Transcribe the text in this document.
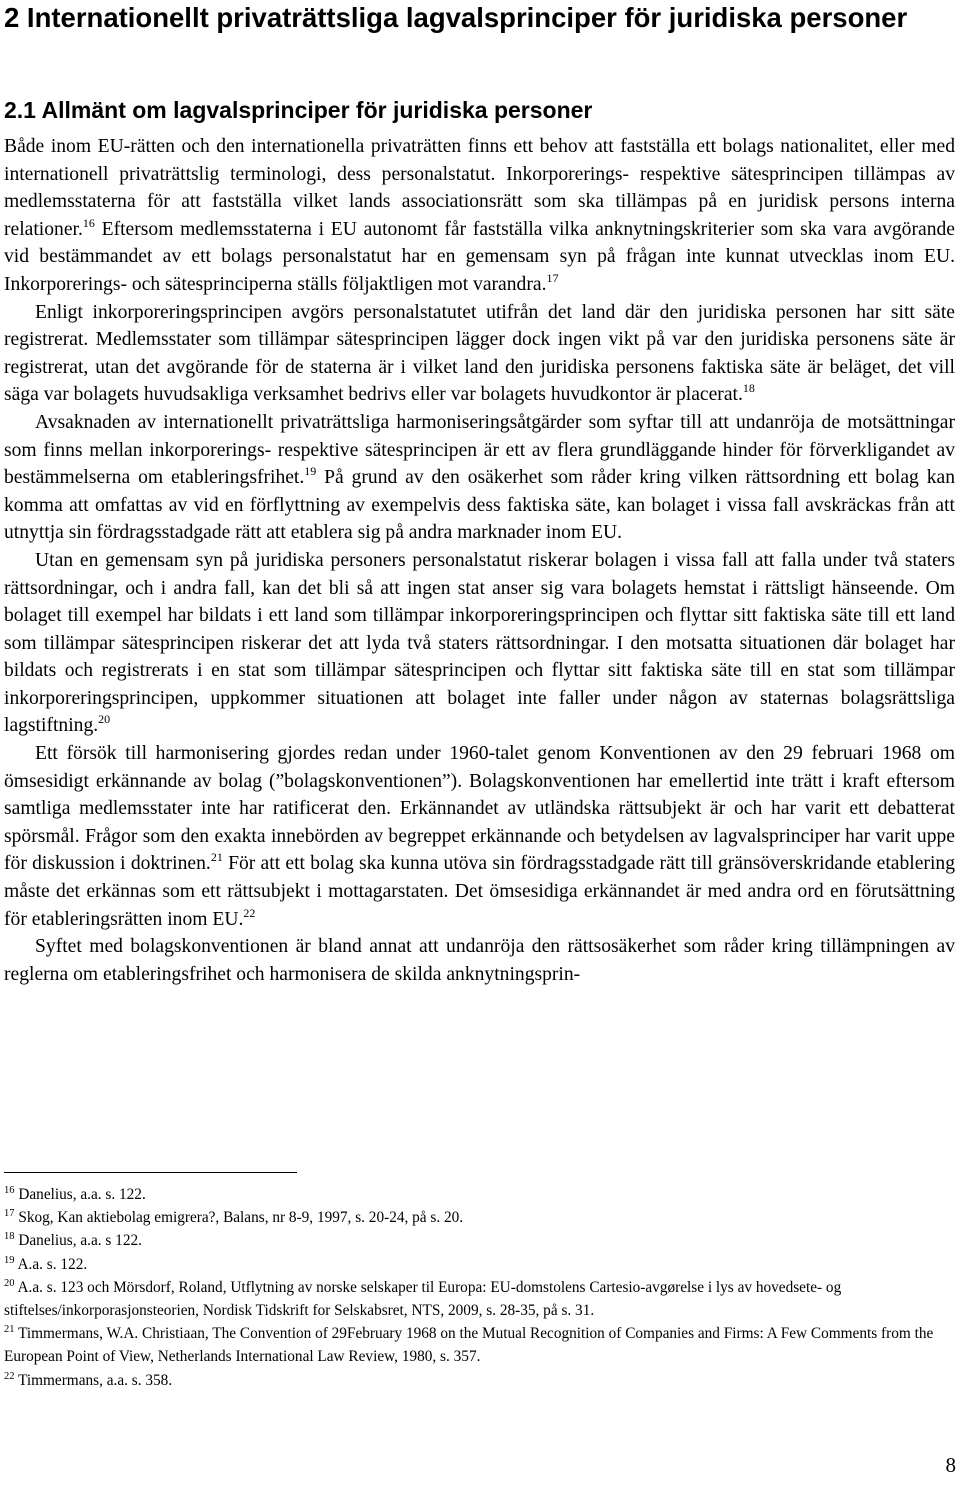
2 Internationellt privaträttsliga lagvalsprinciper för juridiska personer
2.1 Allmänt om lagvalsprinciper för juridiska personer

Både inom EU-rätten och den internationella privaträtten finns ett behov att fastställa ett bolags nationalitet, eller med internationell privaträttslig terminologi, dess personalstatut. Inkorporerings- respektive sätesprincipen tillämpas av medlemsstaterna för att fastställa vilket lands associationsrätt som ska tillämpas på en juridisk persons interna relationer.$^{16}$ Eftersom medlemsstaterna i EU autonomt får fastställa vilka anknytningskriterier som ska vara avgörande vid bestämmandet av ett bolags personalstatut har en gemensam syn på frågan inte kunnat utvecklas inom EU. Inkorporerings- och sätesprinciperna ställs följaktligen mot varandra.$^{17}$

Enligt inkorporeringsprincipen avgörs personalstatutet utifrån det land där den juridiska personen har sitt säte registrerat. Medlemsstater som tillämpar sätesprincipen lägger dock ingen vikt på var den juridiska personens säte är registrerat, utan det avgörande för de staterna är i vilket land den juridiska personens faktiska säte är beläget, det vill säga var bolagets huvudsakliga verksamhet bedrivs eller var bolagets huvudkontor är placerat.$^{18}$

Avsaknaden av internationellt privaträttsliga harmoniseringsåtgärder som syftar till att undanröja de motsättningar som finns mellan inkorporerings- respektive sätesprincipen är ett av flera grundläggande hinder för förverkligandet av bestämmelserna om etableringsfrihet.$^{19}$ På grund av den osäkerhet som råder kring vilken rättsordning ett bolag kan komma att omfattas av vid en förflyttning av exempelvis dess faktiska säte, kan bolaget i vissa fall avskräckas från att utnyttja sin fördragsstadgade rätt att etablera sig på andra marknader inom EU.

Utan en gemensam syn på juridiska personers personalstatut riskerar bolagen i vissa fall att falla under två staters rättsordningar, och i andra fall, kan det bli så att ingen stat anser sig vara bolagets hemstat i rättsligt hänseende. Om bolaget till exempel har bildats i ett land som tillämpar inkorporeringsprincipen och flyttar sitt faktiska säte till ett land som tillämpar sätesprincipen riskerar det att lyda två staters rättsordningar. I den motsatta situationen där bolaget har bildats och registrerats i en stat som tillämpar sätesprincipen och flyttar sitt faktiska säte till en stat som tillämpar inkorporeringsprincipen, uppkommer situationen att bolaget inte faller under någon av staternas bolagsrättsliga lagstiftning.$^{20}$

Ett försök till harmonisering gjordes redan under 1960-talet genom Konventionen av den 29 februari 1968 om ömsesidigt erkännande av bolag (”bolagskonventionen”). Bolagskonventionen har emellertid inte trätt i kraft eftersom samtliga medlemsstater inte har ratificerat den. Erkännandet av utländska rättsubjekt är och har varit ett debatterat spörsmål. Frågor som den exakta innebörden av begreppet erkännande och betydelsen av lagvalsprinciper har varit uppe för diskussion i doktrinen.$^{21}$ För att ett bolag ska kunna utöva sin fördragsstadgade rätt till gränsöverskridande etablering måste det erkännas som ett rättsubjekt i mottagarstaten. Det ömsesidiga erkännandet är med andra ord en förutsättning för etableringsrätten inom EU.$^{22}$

Syftet med bolagskonventionen är bland annat att undanröja den rättsosäkerhet som råder kring tillämpningen av reglerna om etableringsfrihet och harmonisera de skilda anknytningsprin-

$^{16}$ Danelius, a.a. s. 122.

$^{17}$ Skog, Kan aktiebolag emigrera?, Balans, nr 8-9, 1997, s. 20-24, på s. 20.

$^{18}$ Danelius, a.a. s 122.

$^{19}$ A.a. s. 122.

$^{20}$ A.a. s. 123 och Mörsdorf, Roland, Utflytning av norske selskaper til Europa: EU-domstolens Cartesio-avgørelse i lys av hovedsete- og stiftelses/inkorporasjonsteorien, Nordisk Tidskrift for Selskabsret, NTS, 2009, s. 28-35, på s. 31.

$^{21}$ Timmermans, W.A. Christiaan, The Convention of 29February 1968 on the Mutual Recognition of Companies and Firms: A Few Comments from the European Point of View, Netherlands International Law Review, 1980, s. 357.

$^{22}$ Timmermans, a.a. s. 358.

8
